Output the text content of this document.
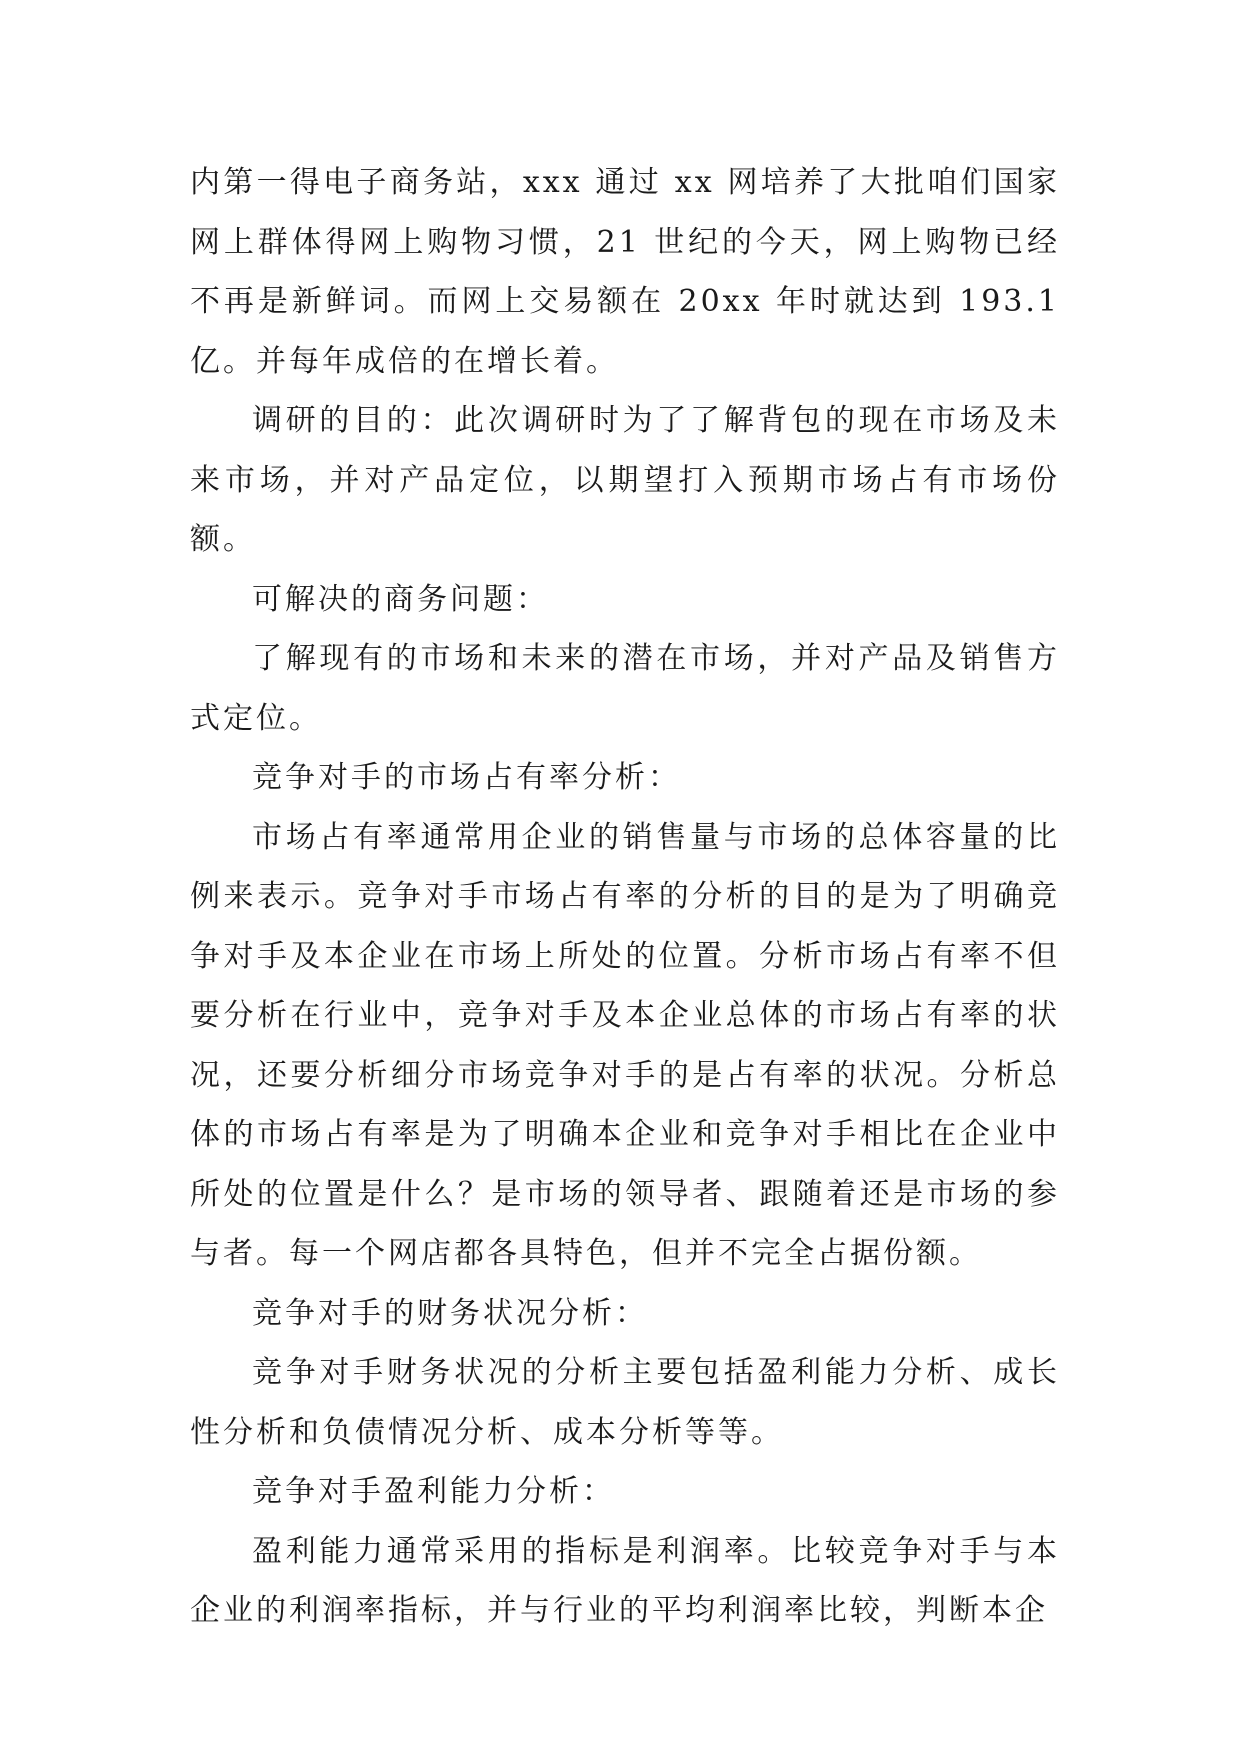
内第一得电子商务站，xxx 通过 xx 网培养了大批咱们国家网上群体得网上购物习惯，21 世纪的今天，网上购物已经不再是新鲜词。而网上交易额在 20xx 年时就达到 193.1 亿。并每年成倍的在增长着。

调研的目的：此次调研时为了了解背包的现在市场及未来市场，并对产品定位，以期望打入预期市场占有市场份额。

可解决的商务问题：

了解现有的市场和未来的潜在市场，并对产品及销售方式定位。

竞争对手的市场占有率分析：

市场占有率通常用企业的销售量与市场的总体容量的比例来表示。竞争对手市场占有率的分析的目的是为了明确竞争对手及本企业在市场上所处的位置。分析市场占有率不但要分析在行业中，竞争对手及本企业总体的市场占有率的状况，还要分析细分市场竞争对手的是占有率的状况。分析总体的市场占有率是为了明确本企业和竞争对手相比在企业中所处的位置是什么？是市场的领导者、跟随着还是市场的参与者。每一个网店都各具特色，但并不完全占据份额。

竞争对手的财务状况分析：

竞争对手财务状况的分析主要包括盈利能力分析、成长性分析和负债情况分析、成本分析等等。

竞争对手盈利能力分析：

盈利能力通常采用的指标是利润率。比较竞争对手与本企业的利润率指标，并与行业的平均利润率比较，判断本企
